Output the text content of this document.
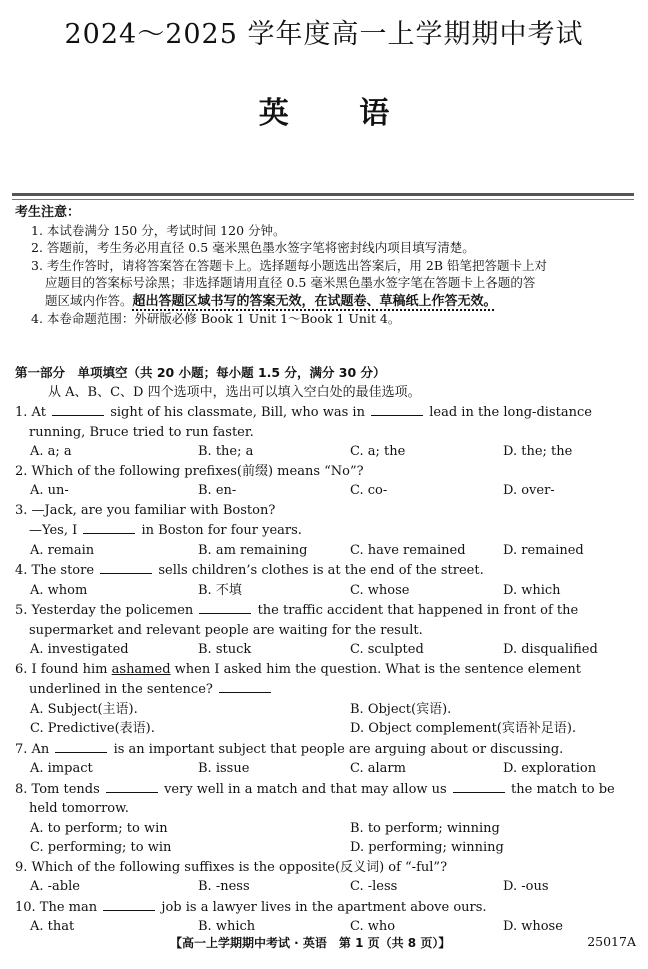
2024～2025 学年度高一上学期期中考试
英 语
考生注意：
1. 本试卷满分 150 分，考试时间 120 分钟。
2. 答题前，考生务必用直径 0.5 毫米黑色墨水签字笔将密封线内项目填写清楚。
3. 考生作答时，请将答案答在答题卡上。选择题每小题选出答案后，用 2B 铅笔把答题卡上对
应题目的答案标号涂黑；非选择题请用直径 0.5 毫米黑色墨水签字笔在答题卡上各题的答
题区域内作答。超出答题区域书写的答案无效，在试题卷、草稿纸上作答无效。
4. 本卷命题范围：外研版必修 Book 1 Unit 1～Book 1 Unit 4。
第一部分　单项填空（共 20 小题；每小题 1.5 分，满分 30 分）
从 A、B、C、D 四个选项中，选出可以填入空白处的最佳选项。
1. At	sight of his classmate, Bill, who was in	lead in the long-distance
running, Bruce tried to run faster.
A. a; a	B. the; a	C. a; the	D. the; the
2. Which of the following prefixes(前缀) means “No”?
A. un-	B. en-	C. co-	D. over-
3. —Jack, are you familiar with Boston?
—Yes, I	in Boston for four years.
A. remain	B. am remaining	C. have remained	D. remained
4. The store	sells children’s clothes is at the end of the street.
A. whom	B. 不填	C. whose	D. which
5. Yesterday the policemen	the traffic accident that happened in front of the
supermarket and relevant people are waiting for the result.
A. investigated	B. stuck	C. sculpted	D. disqualified
6. I found him ashamed when I asked him the question. What is the sentence element
underlined in the sentence?
A. Subject(主语).	B. Object(宾语).
C. Predictive(表语).	D. Object complement(宾语补足语).
7. An	is an important subject that people are arguing about or discussing.
A. impact	B. issue	C. alarm	D. exploration
8. Tom tends	very well in a match and that may allow us	the match to be
held tomorrow.
A. to perform; to win	B. to perform; winning
C. performing; to win	D. performing; winning
9. Which of the following suffixes is the opposite(反义词) of “-ful”?
A. -able	B. -ness	C. -less	D. -ous
10. The man	job is a lawyer lives in the apartment above ours.
A. that	B. which	C. who	D. whose
【高一上学期期中考试 · 英语　第 1 页（共 8 页）】	25017A
